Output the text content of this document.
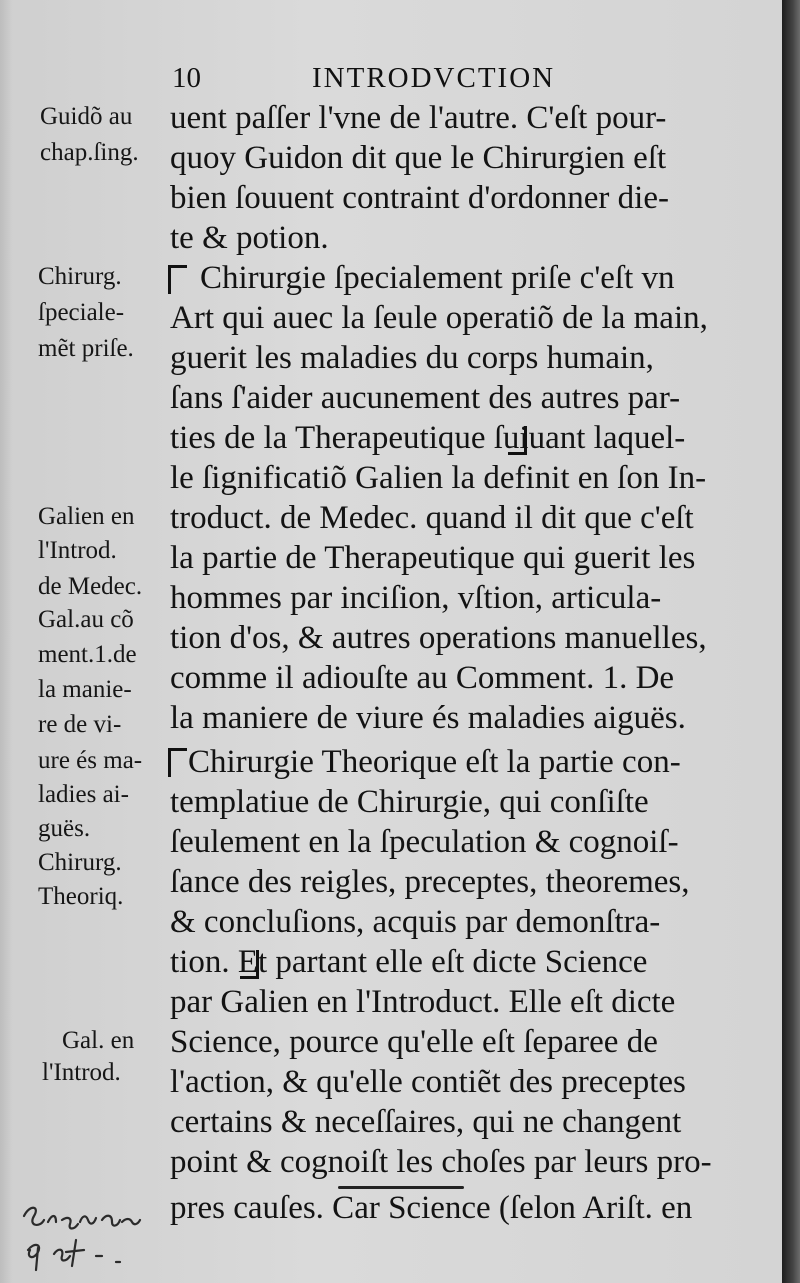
10	INTRODVCTION
uent paſſer l'vne de l'autre. C'eſt pour-
quoy Guidon dit que le Chirurgien eſt
bien ſouuent contraint d'ordonner die-
te & potion.
Chirurgie ſpecialement priſe c'eſt vn
Art qui auec la ſeule operatiõ de la main,
guerit les maladies du corps humain,
ſans ſ'aider aucunement des autres par-
ties de la Therapeutique ſuiuant laquel-
le ſignificatiõ Galien la definit en ſon In-
troduct. de Medec. quand il dit que c'eſt
la partie de Therapeutique qui guerit les
hommes par inciſion, vſtion, articula-
tion d'os, & autres operations manuelles,
comme il adiouſte au Comment. 1. De
la maniere de viure és maladies aiguës.
Chirurgie Theorique eſt la partie con-
templatiue de Chirurgie, qui conſiſte
ſeulement en la ſpeculation & cognoiſ-
ſance des reigles, preceptes, theoremes,
& concluſions, acquis par demonſtra-
tion. Et partant elle eſt dicte Science
par Galien en l'Introduct. Elle eſt dicte
Science, pource qu'elle eſt ſeparee de
l'action, & qu'elle contiẽt des preceptes
certains & neceſſaires, qui ne changent
point & cognoiſt les choſes par leurs pro-
pres cauſes. Car Science (ſelon Ariſt. en
Guidõ au
chap.ſing.
Chirurg.
ſpeciale-
mẽt priſe.
Galien en
l'Introd.
de Medec.
Gal.au cõ
ment.1.de
la manie-
re de vi-
ure és ma-
ladies ai-
guës.
Chirurg.
Theoriq.
Gal. en
l'Introd.
